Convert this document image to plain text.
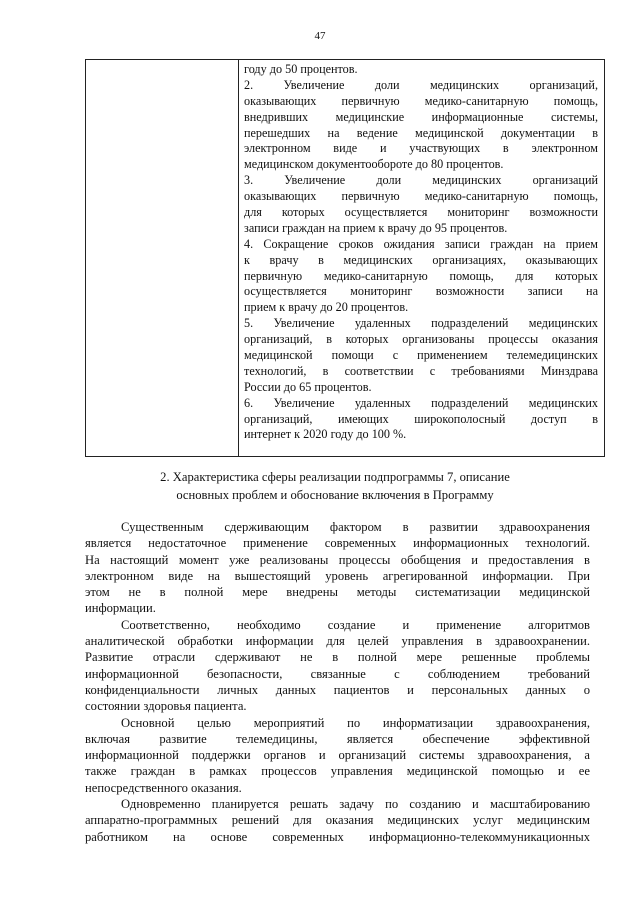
47
году до 50 процентов.
2. Увеличение доли медицинских организаций,
оказывающих первичную медико-санитарную помощь,
внедривших медицинские информационные системы,
перешедших на ведение медицинской документации в
электронном виде и участвующих в электронном
медицинском документообороте до 80 процентов.
3. Увеличение доли медицинских организаций
оказывающих первичную медико-санитарную помощь,
для которых осуществляется мониторинг возможности
записи граждан на прием к врачу до 95 процентов.
4. Сокращение сроков ожидания записи граждан на прием
к врачу в медицинских организациях, оказывающих
первичную медико-санитарную помощь, для которых
осуществляется мониторинг возможности записи на
прием к врачу до 20 процентов.
5. Увеличение удаленных подразделений медицинских
организаций, в которых организованы процессы оказания
медицинской помощи с применением телемедицинских
технологий, в соответствии с требованиями Минздрава
России до 65 процентов.
6. Увеличение удаленных подразделений медицинских
организаций, имеющих широкополосный доступ в
интернет к 2020 году до 100 %.
2. Характеристика сферы реализации подпрограммы 7, описание
основных проблем и обоснование включения в Программу
Существенным сдерживающим фактором в развитии здравоохранения
является недостаточное применение современных информационных технологий.
На настоящий момент уже реализованы процессы обобщения и предоставления в
электронном виде на вышестоящий уровень агрегированной информации. При
этом не в полной мере внедрены методы систематизации медицинской
информации.
Соответственно, необходимо создание и применение алгоритмов
аналитической обработки информации для целей управления в здравоохранении.
Развитие отрасли сдерживают не в полной мере решенные проблемы
информационной безопасности, связанные с соблюдением требований
конфиденциальности личных данных пациентов и персональных данных о
состоянии здоровья пациента.
Основной целью мероприятий по информатизации здравоохранения,
включая развитие телемедицины, является обеспечение эффективной
информационной поддержки органов и организаций системы здравоохранения, а
также граждан в рамках процессов управления медицинской помощью и ее
непосредственного оказания.
Одновременно планируется решать задачу по созданию и масштабированию
аппаратно-программных решений для оказания медицинских услуг медицинским
работником на основе современных информационно-телекоммуникационных
